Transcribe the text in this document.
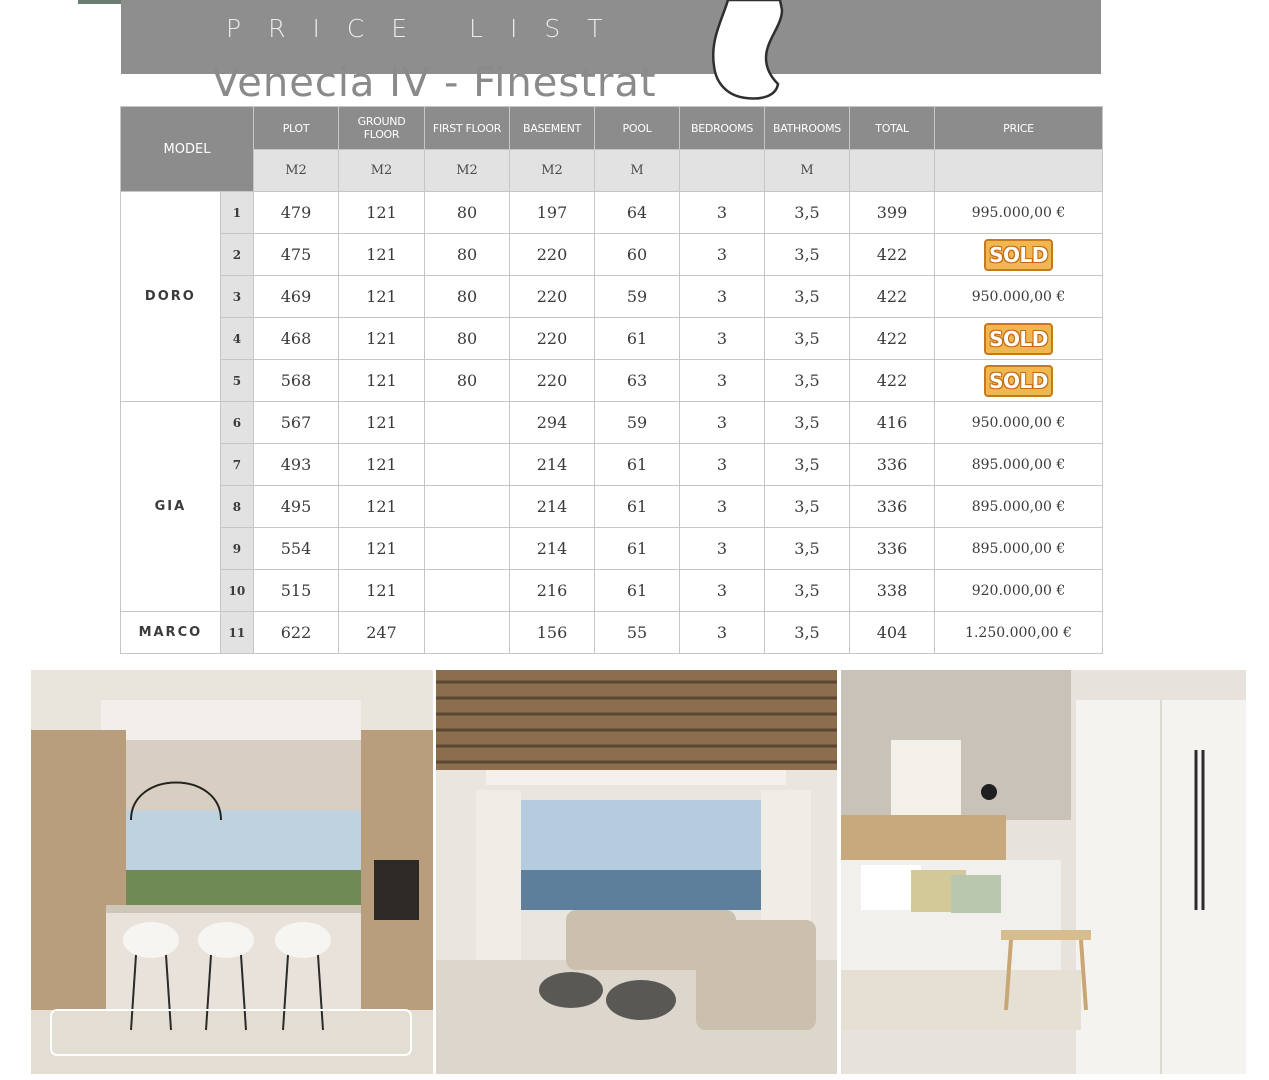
PRICE LIST	11
Venecia IV - Finestrat
MODEL		PLOT	GROUND FLOOR	FIRST FLOOR	BASEMENT	POOL	BEDROOMS	BATHROOMS	TOTAL	PRICE
		M2	M2	M2	M2	M		M		
DORO	1	479	121	80	197	64	3	3,5	399	995.000,00 €
	2	475	121	80	220	60	3	3,5	422	SOLD
	3	469	121	80	220	59	3	3,5	422	950.000,00 €
	4	468	121	80	220	61	3	3,5	422	SOLD
	5	568	121	80	220	63	3	3,5	422	SOLD
GIA	6	567	121		294	59	3	3,5	416	950.000,00 €
	7	493	121		214	61	3	3,5	336	895.000,00 €
	8	495	121		214	61	3	3,5	336	895.000,00 €
	9	554	121		214	61	3	3,5	336	895.000,00 €
	10	515	121		216	61	3	3,5	338	920.000,00 €
MARCO	11	622	247		156	55	3	3,5	404	1.250.000,00 €
